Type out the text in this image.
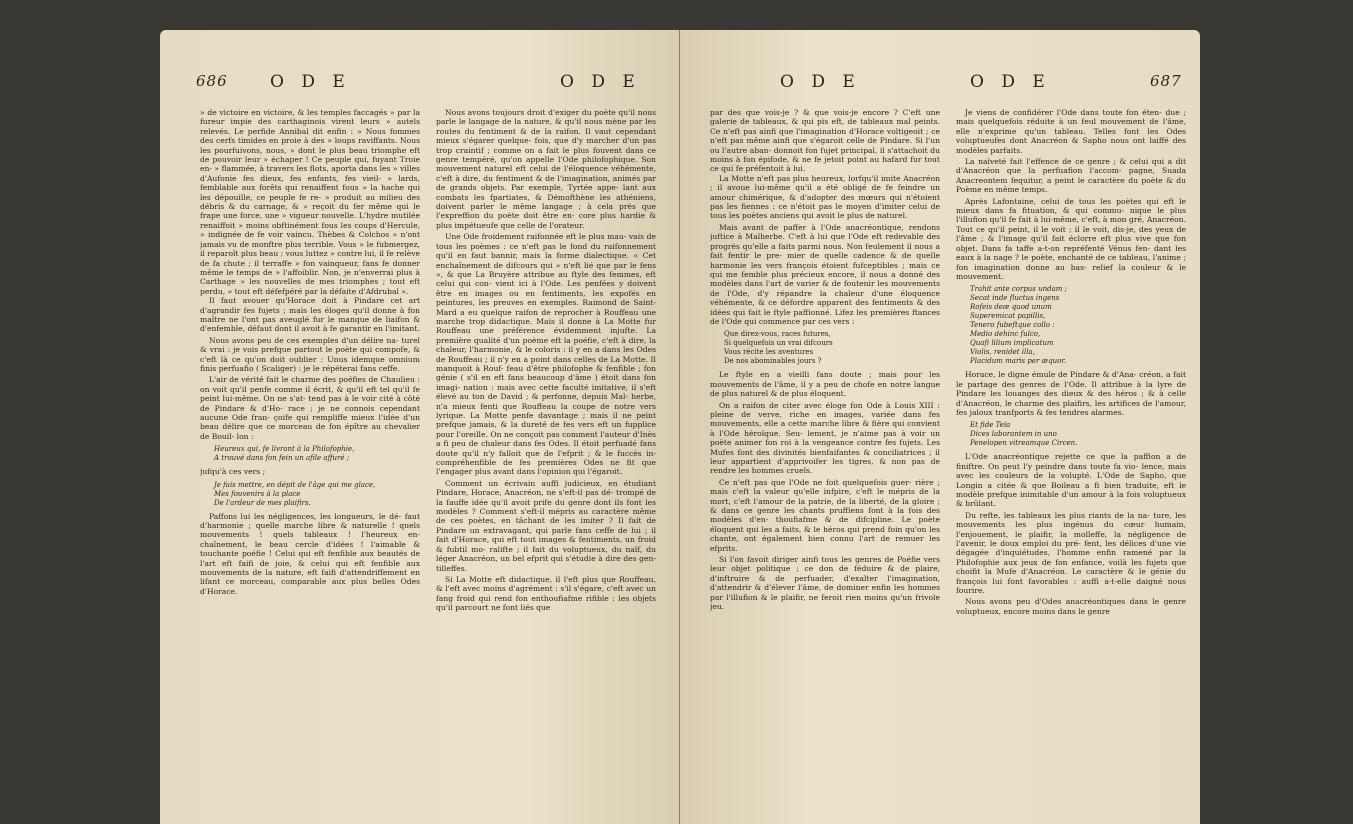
686 O D E	O D E

» de victoire en victoire, & les temples faccagés » par la fureur impie des carthaginois virent leurs » autels relevés. Le perfide Annibal dit enfin : » Nous fommes des cerfs timides en proie à des » loups raviffants. Nous les pourfuivons, nous, » dont le plus beau triomphe eft de pouvoir leur » échaper ! Ce peuple qui, fuyant Troie en- » flammée, à travers les flots, aporta dans les » villes d'Aufonie fes dieux, fes enfants, fes vieil- » lards, femblable aux forêts qui renaiffent fous » la hache qui les dépouille, ce peuple fe re- » produit au milieu des débris & du carnage, & » reçoit du fer même qui le frape une force, une » vigueur nouvelle. L'hydre mutilée renaiffoit » moins obftinément fous les coups d'Hercule, » indignée de fe voir vaincu. Thèbes & Colchos » n'ont jamais vu de monftre plus terrible. Vous » le fubmergez, il reparoît plus beau ; vous luttez » contre lui, il fe relève de fa chute ; il terraffe » fon vainqueur, fans fe donner même le temps de » l'affoiblir. Non, je n'enverrai plus à Carthage » les nouvelles de mes triomphes ; tout eft perdu, » tout eft défefpéré par la défaite d'Afdrubal ».

Il faut avouer qu'Horace doit à Pindare cet art d'agrandir fes fujets ; mais les éloges qu'il donne à fon maître ne l'ont pas aveuglé fur le manque de liaifon & d'enfemble, défaut dont il avoit à fe garantir en l'imitant.

Nous avons peu de ces exemples d'un délire na- turel & vrai : je vois prefque partout le poète qui compofe, & c'eft là ce qu'on doit oublier : Unus idemque omnium finis perfuafio ( Scaliger) : je le répéterai fans ceffe.

L'air de vérité fait le charme des poéfies de Chaulieu : on voit qu'il penfe comme il écrit, & qu'il eft tel qu'il fe peint lui-même. On ne s'at- tend pas à le voir cité à côté de Pindare & d'Ho- race ; je ne connois cependant aucune Ode fran- çoife qui rempliffe mieux l'idée d'un beau délire que ce morceau de fon épître au chevalier de Bouil- lon :

Heureux qui, fe livrant à la Philofophie,
A trouvé dans fon fein un afile affuré ;

jufqu'à ces vers ;

Je fais mettre, en dépit de l'âge qui me glace,
Mes fouvenirs à la place
De l'ardeur de mes plaifirs.

Paffons lui les négligences, les longueurs, le dé- faut d'harmonie ; quelle marche libre & naturelle ! quels mouvements ! quels tableaux ! l'heureux en- chaînement, le beau cercle d'idées ! l'aimable & touchante poéfie ! Celui qui eft fenfible aux beautés de l'art eft faifi de joie, & celui qui eft fenfible aux mouvements de la nature, eft faifi d'attendriffement en lifant ce morceau, comparable aux plus belles Odes d'Horace.

Nous avons toujours droit d'exiger du poète qu'il nous parle le langage de la nature, & qu'il nous mène par les routes du fentiment & de la raifon. Il vaut cependant mieux s'égarer quelque- fois, que d'y marcher d'un pas trop craintif ; comme on a fait le plus fouvent dans ce genre tempéré, qu'on appelle l'Ode philofophique. Son mouvement naturel eft celui de l'éloquence véhémente, c'eft à dire, du fentiment & de l'imagination, animés par de grands objets. Par exemple, Tyrtée appe- lant aux combats les fpartiates, & Démofthène les athéniens, doivent parler le même langage ; à cela près que l'expreffion du poète doit être en- core plus hardie & plus impétueufe que celle de l'orateur.

Une Ode froidement raifonnée eft le plus mau- vais de tous les poèmes : ce n'eft pas le fond du raifonnement qu'il en faut bannir, mais la forme dialectique. « Cet enchaînement de difcours qui » n'eft lié que par le fens », & que La Bruyère attribue au ftyle des femmes, eft celui qui con- vient ici à l'Ode. Les penfées y doivent être en images ou en fentiments, les expofés en peintures, les preuves en exemples. Raimond de Saint-Mard a eu quelque raifon de reprocher à Rouffeau une marche trop didactique. Mais il donne à La Motte fur Rouffeau une préférence évidemment injufte. La première qualité d'un poème eft la poéfie, c'eft à dire, la chaleur, l'harmonie, & le coloris : il y en a dans les Odes de Rouffeau ; il n'y en a point dans celles de La Motte. Il manquoit à Rouf- feau d'être philofophe & fenfible ; fon génie ( s'il en eft fans beaucoup d'âme ) étoit dans fon imagi- nation : mais avec cette faculté imitative, il s'eft élevé au ton de David ; & perfonne, depuis Mal- herbe, n'a mieux fenti que Rouffeau la coupe de notre vers lyrique. La Motte penfe davantage ; mais il ne peint prefque jamais, & la dureté de fes vers eft un fupplice pour l'oreille. On ne conçoit pas comment l'auteur d'Inès a fi peu de chaleur dans fes Odes. Il étoit perfuadé fans doute qu'il n'y falloit que de l'efprit ; & le fuccès in- compréhenfible de fes premières Odes ne fit que l'engager plus avant dans l'opinion qui l'égaroit.

Comment un écrivain auffi judicieux, en étudiant Pindare, Horace, Anacréon, ne s'eft-il pas dé- trompé de la fauffe idée qu'il avoit prife du genre dont ils font les modèles ? Comment s'eft-il mépris au caractère même de ces poètes, en tâchant de les imiter ? Il fait de Pindare un extravagant, qui parle fans ceffe de lui ; il fait d'Horace, qui eft tout images & fentiments, un froid & fubtil mo- ralifte ; il fait du voluptueux, du naïf, du léger Anacréon, un bel efprit qui s'étudie à dire des gen- tilleffes.

Si La Motte eft didactique, il l'eft plus que Rouffeau, & l'eft avec moins d'agrément : s'il s'égare, c'eft avec un fang froid qui rend fon enthoufiafme rifible : les objets qu'il parcourt ne font liés que

O D E	O D E	687

par des que vois-je ? & que vois-je encore ? C'eft une galerie de tableaux, & qui pis eft, de tableaux mal peints. Ce n'eft pas ainfi que l'imagination d'Horace voltigeoit ; ce n'eft pas même ainfi que s'égaroit celle de Pindare. Si l'un ou l'autre aban- donnoit fon fujet principal, il s'attachoit du moins à fon épifode, & ne fe jetoit point au hafard fur tout ce qui fe préfentoit à lui.

La Motte n'eft pas plus heureux, lorfqu'il imite Anacréon ; il avoue lui-même qu'il a été obligé de fe feindre un amour chimérique, & d'adopter des mœurs qui n'étoient pas les fiennes : ce n'étoit pas le moyen d'imiter celui de tous les poètes anciens qui avoit le plus de naturel.

Mais avant de paffer à l'Ode anacréontique, rendons juftice à Malherbe. C'eft à lui que l'Ode eft redevable des progrès qu'elle a faits parmi nous. Non feulement il nous a fait fentir le pre- mier de quelle cadence & de quelle harmonie les vers françois étoient fufceptibles ; mais ce qui me femble plus précieux encore, il nous a donné des modèles dans l'art de varier & de foutenir les mouvements de l'Ode, d'y répandre la chaleur d'une éloquence véhémente, & ce défordre apparent des fentiments & des idées qui fait le ftyle paffionné. Lifez les premières ftances de l'Ode qui commence par ces vers :

Que direz-vous, races futures,
Si quelquefois un vrai difcours
Vous récite les aventures
De nos abominables jours ?

Le ftyle en a vieilli fans doute ; mais pour les mouvements de l'âme, il y a peu de chofe en notre langue de plus naturel & de plus éloquent.

On a raifon de citer avec éloge fon Ode à Louis XIII : pleine de verve, riche en images, variée dans fes mouvements, elle a cette marche libre & fière qui convient à l'Ode héroïque. Seu- lement, je n'aime pas à voir un poète animer fon roi à la vengeance contre fes fujets. Les Mufes font des divinités bienfaifantes & conciliatrices ; il leur appartient d'apprivoifer les tigres, & non pas de rendre les hommes cruels.

Ce n'eft pas que l'Ode ne foit quelquefois guer- rière ; mais c'eft la valeur qu'elle infpire, c'eft le mépris de la mort, c'eft l'amour de la patrie, de la liberté, de la gloire ; & dans ce genre les chants pruffiens font à la fois des modèles d'en- thoufiafme & de difcipline. Le poète éloquent qui les a faits, & le héros qui prend foin qu'on les chante, ont également bien connu l'art de remuer les efprits.

Si l'on favoit diriger ainfi tous les genres de Poéfie vers leur objet politique ; ce don de féduire & de plaire, d'inftruire & de perfuader, d'exalter l'imagination, d'attendrir & d'élever l'âme, de dominer enfin les hommes par l'illufion & le plaifir, ne feroit rien moins qu'un frivole jeu.

Je viens de confidérer l'Ode dans toute fon éten- due ; mais quelquefois réduite à un feul mouvement de l'âme, elle n'exprime qu'un tableau. Telles font les Odes voluptueufes dont Anacréon & Sapho nous ont laiffé des modèles parfaits.

La naïveté fait l'effence de ce genre ; & celui qui a dit d'Anacréon que la perfuafion l'accom- pagne, Suada Anacreontem fequitur, a peint le caractère du poète & du Poème en même temps.

Après Lafontaine, celui de tous les poètes qui eft le mieux dans fa fituation, & qui commu- nique le plus l'illufion qu'il fe fait à lui-même, c'eft, à mon gré, Anacréon. Tout ce qu'il peint, il le voit ; il le voit, dis-je, des yeux de l'âme ; & l'image qu'il fait éclorre eft plus vive que fon objet. Dans fa taffe a-t-on repréfenté Vénus fen- dant les eaux à la nage ? le poète, enchanté de ce tableau, l'anime ; fon imagination donne au bas- relief la couleur & le mouvement.

Trahit ante corpus undam ;
Secat inde fluctus ingens
Rofeis deæ quod unum
Superemicat papillis,
Tenero fubeftque collo :
Medio dehinc fulco,
Quafi lilium implicatum
Violis, renidet illa,
Placidum maris per æquor.

Horace, le digne émule de Pindare & d'Ana- créon, a fait le partage des genres de l'Ode. Il attribue à la lyre de Pindare les louanges des dieux & des héros ; & à celle d'Anacréon, le charme des plaifirs, les artifices de l'amour, fes jaloux tranfports & fes tendres alarmes.

Et fide Teïa
Dices laborantem in uno
Penelopen vitreamque Circen.

L'Ode anacréontique rejette ce que la paffion a de finiftre. On peut l'y peindre dans toute fa vio- lence, mais avec les couleurs de la volupté. L'Ode de Sapho, que Longin a citée & que Boileau a fi bien traduite, eft le modèle prefque inimitable d'un amour à la fois voluptueux & brûlant.

Du refte, les tableaux les plus riants de la na- ture, les mouvements les plus ingénus du cœur humain, l'enjouement, le plaifir, la molleffe, la négligence de l'avenir, le doux emploi du pré- fent, les délices d'une vie dégagée d'inquiétudes, l'homme enfin ramené par la Philofophie aux jeux de fon enfance, voilà les fujets que choifit la Mufe d'Anacréon. Le caractère & le génie du françois lui font favorables : auffi a-t-elle daigné nous fourire.

Nous avons peu d'Odes anacréontiques dans le genre voluptueux, encore moins dans le genre
